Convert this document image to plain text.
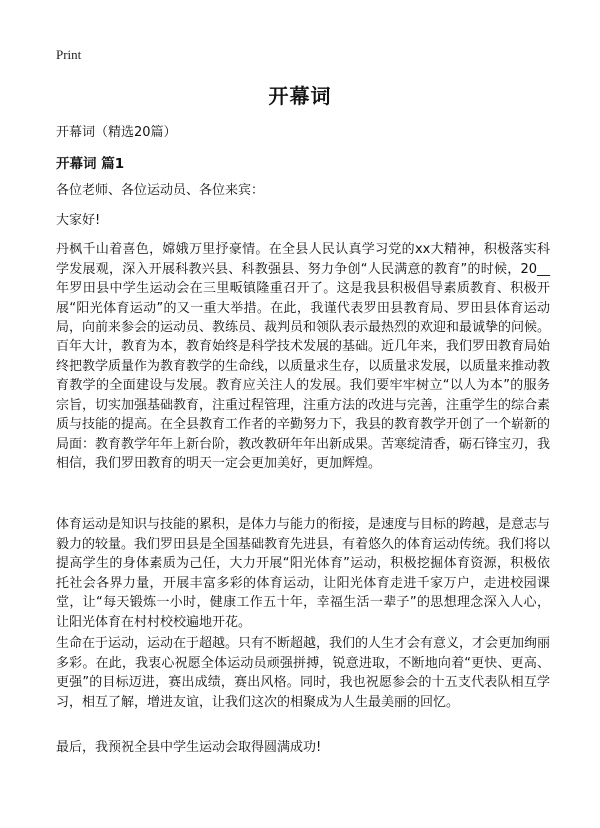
Print
开幕词

开幕词（精选20篇）

开幕词 篇1

各位老师、各位运动员、各位来宾：

大家好!

丹枫千山着喜色，嫦娥万里抒豪情。在全县人民认真学习党的xx大精神，积极落实科学发展观，深入开展科教兴县、科教强县、努力争创“人民满意的教育”的时候，20__年罗田县中学生运动会在三里畈镇隆重召开了。这是我县积极倡导素质教育、积极开展“阳光体育运动”的又一重大举措。在此，我谨代表罗田县教育局、罗田县体育运动局，向前来参会的运动员、教练员、裁判员和领队表示最热烈的欢迎和最诚挚的问候。

百年大计，教育为本，教育始终是科学技术发展的基础。近几年来，我们罗田教育局始终把教学质量作为教育教学的生命线，以质量求生存，以质量求发展，以质量来推动教育教学的全面建设与发展。教育应关注人的发展。我们要牢牢树立“以人为本”的服务宗旨，切实加强基础教育，注重过程管理，注重方法的改进与完善，注重学生的综合素质与技能的提高。在全县教育工作者的辛勤努力下，我县的教育教学开创了一个崭新的局面：教育教学年年上新台阶，教改教研年年出新成果。苦寒绽清香，砺石锋宝刃，我相信，我们罗田教育的明天一定会更加美好，更加辉煌。

体育运动是知识与技能的累积，是体力与能力的衔接，是速度与目标的跨越，是意志与毅力的较量。我们罗田县是全国基础教育先进县，有着悠久的体育运动传统。我们将以提高学生的身体素质为己任，大力开展“阳光体育”运动，积极挖掘体育资源，积极依托社会各界力量，开展丰富多彩的体育运动，让阳光体育走进千家万户，走进校园课堂，让“每天锻炼一小时，健康工作五十年，幸福生活一辈子”的思想理念深入人心，让阳光体育在村村校校遍地开花。

生命在于运动，运动在于超越。只有不断超越，我们的人生才会有意义，才会更加绚丽多彩。在此，我衷心祝愿全体运动员顽强拼搏，锐意进取，不断地向着“更快、更高、更强”的目标迈进，赛出成绩，赛出风格。同时，我也祝愿参会的十五支代表队相互学习，相互了解，增进友谊，让我们这次的相聚成为人生最美丽的回忆。

最后，我预祝全县中学生运动会取得圆满成功!
